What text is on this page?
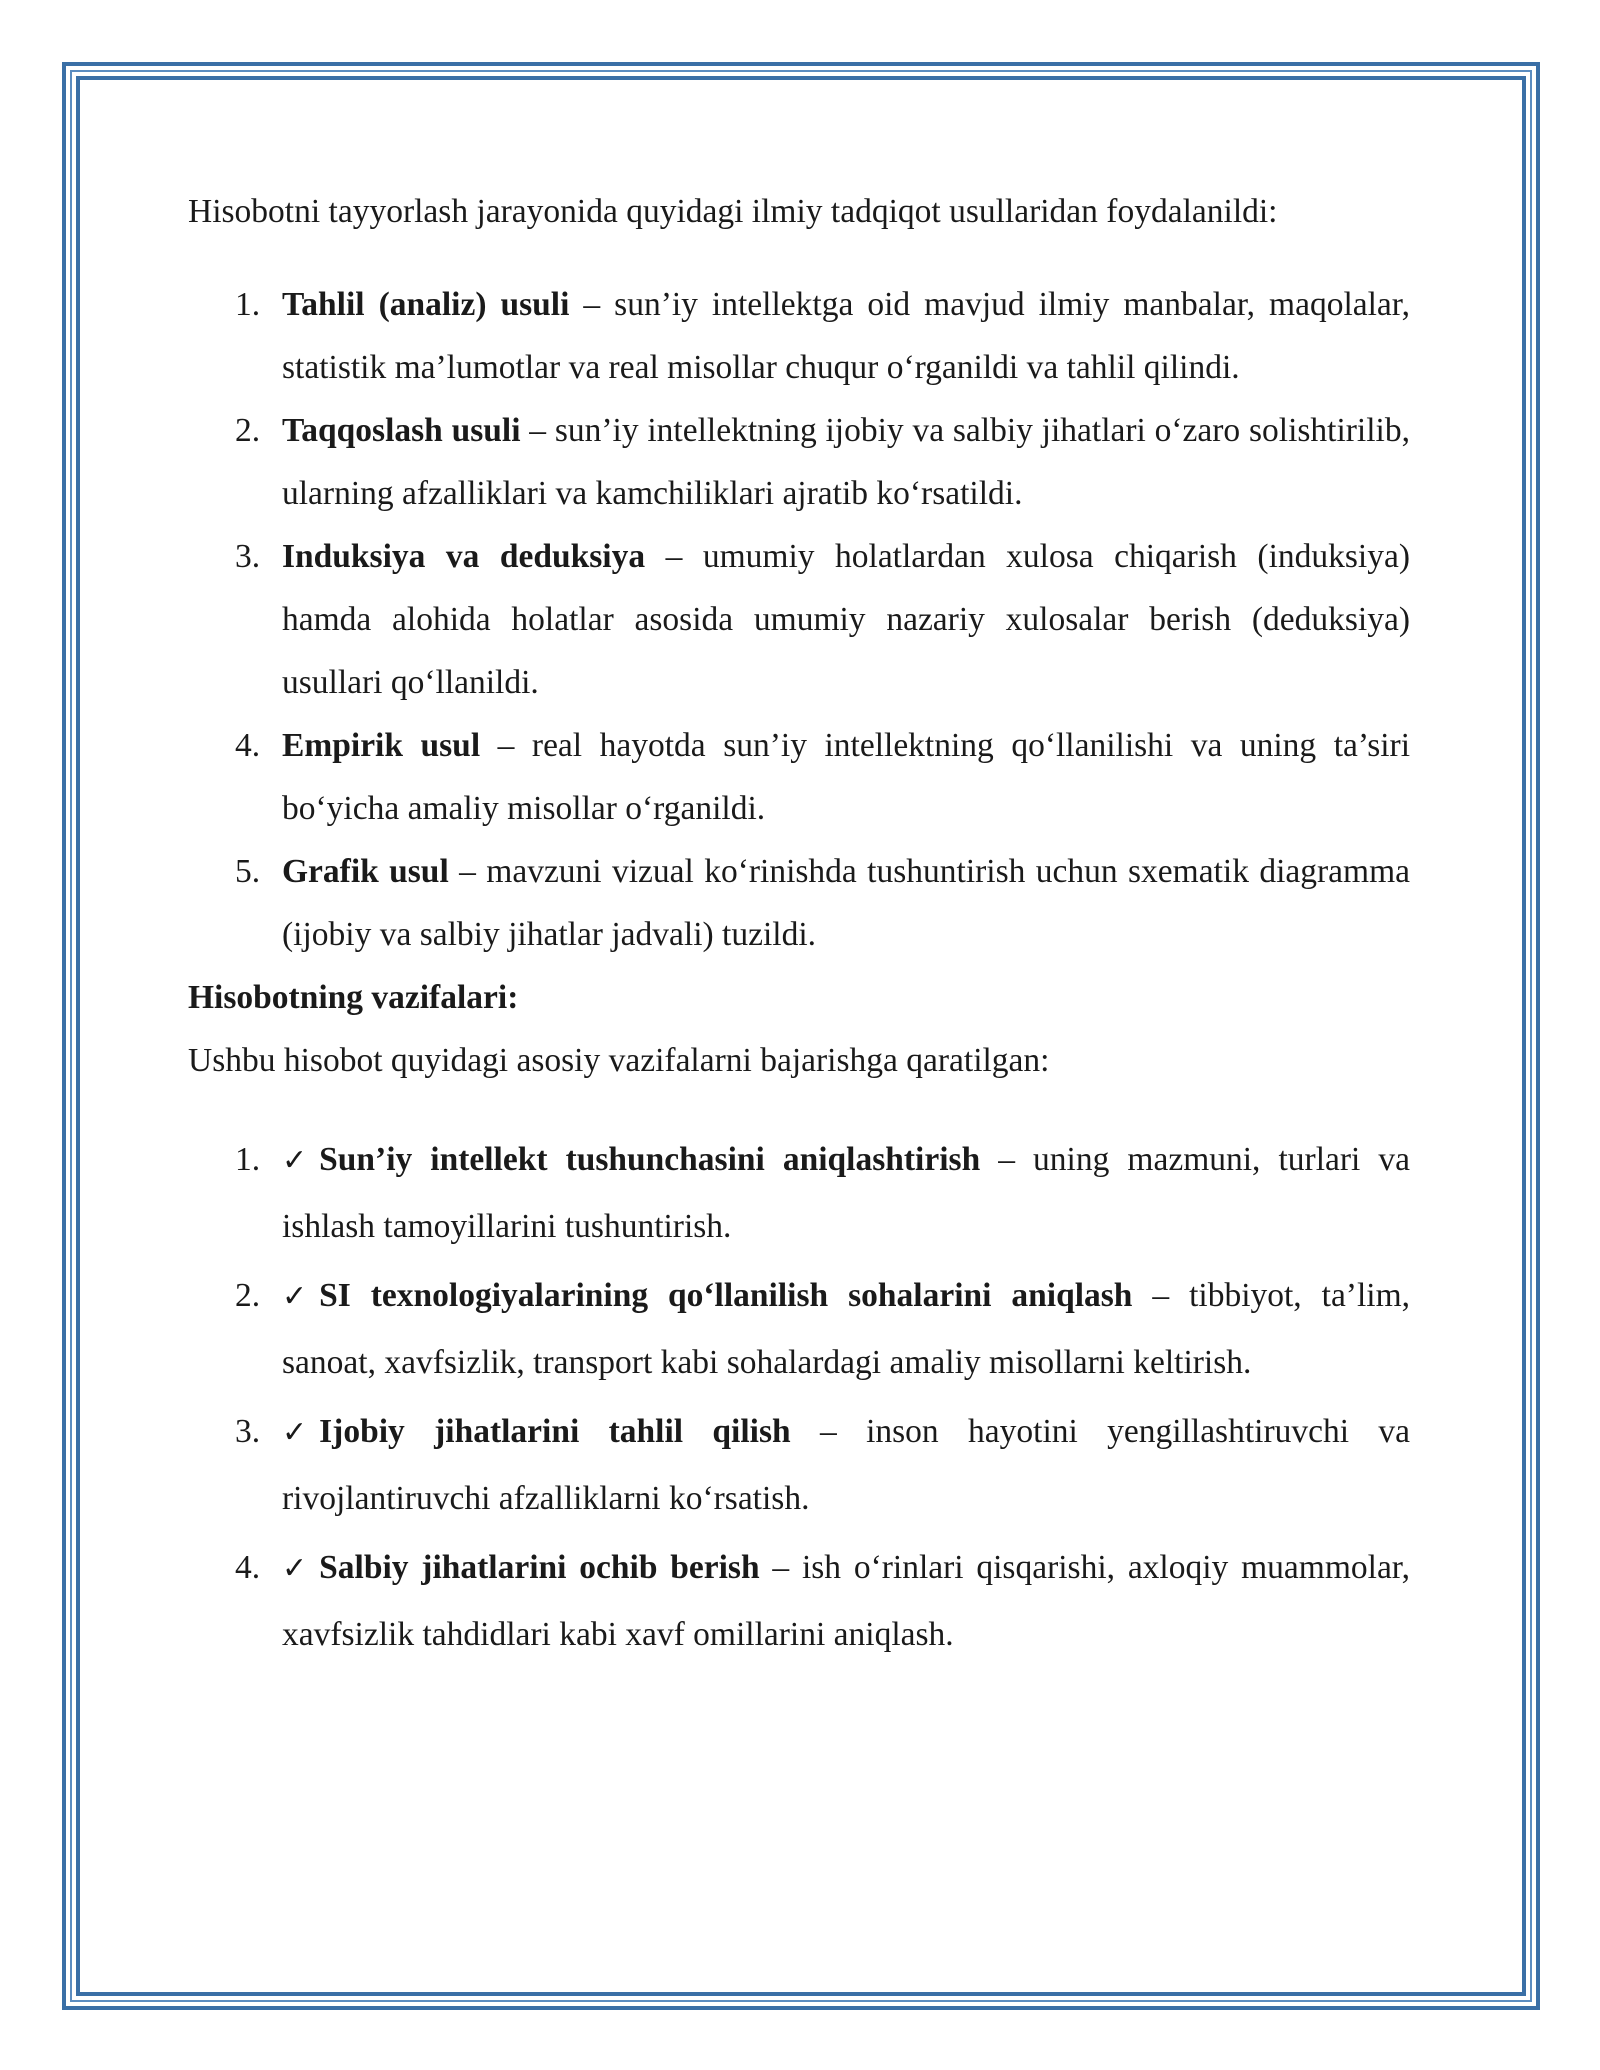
Hisobotni tayyorlash jarayonida quyidagi ilmiy tadqiqot usullaridan foydalanildi:

1. Tahlil (analiz) usuli – sun’iy intellektga oid mavjud ilmiy manbalar, maqolalar, statistik ma’lumotlar va real misollar chuqur o‘rganildi va tahlil qilindi.
2. Taqqoslash usuli – sun’iy intellektning ijobiy va salbiy jihatlari o‘zaro solishtirilib, ularning afzalliklari va kamchiliklari ajratib ko‘rsatildi.
3. Induksiya va deduksiya – umumiy holatlardan xulosa chiqarish (induksiya) hamda alohida holatlar asosida umumiy nazariy xulosalar berish (deduksiya) usullari qo‘llanildi.
4. Empirik usul – real hayotda sun’iy intellektning qo‘llanilishi va uning ta’siri bo‘yicha amaliy misollar o‘rganildi.
5. Grafik usul – mavzuni vizual ko‘rinishda tushuntirish uchun sxematik diagramma (ijobiy va salbiy jihatlar jadvali) tuzildi.

Hisobotning vazifalari:

Ushbu hisobot quyidagi asosiy vazifalarni bajarishga qaratilgan:

1. ✓ Sun’iy intellekt tushunchasini aniqlashtirish – uning mazmuni, turlari va ishlash tamoyillarini tushuntirish.
2. ✓ SI texnologiyalarining qo‘llanilish sohalarini aniqlash – tibbiyot, ta’lim, sanoat, xavfsizlik, transport kabi sohalardagi amaliy misollarni keltirish.
3. ✓ Ijobiy jihatlarini tahlil qilish – inson hayotini yengillashtiruvchi va rivojlantiruvchi afzalliklarni ko‘rsatish.
4. ✓ Salbiy jihatlarini ochib berish – ish o‘rinlari qisqarishi, axloqiy muammolar, xavfsizlik tahdidlari kabi xavf omillarini aniqlash.
